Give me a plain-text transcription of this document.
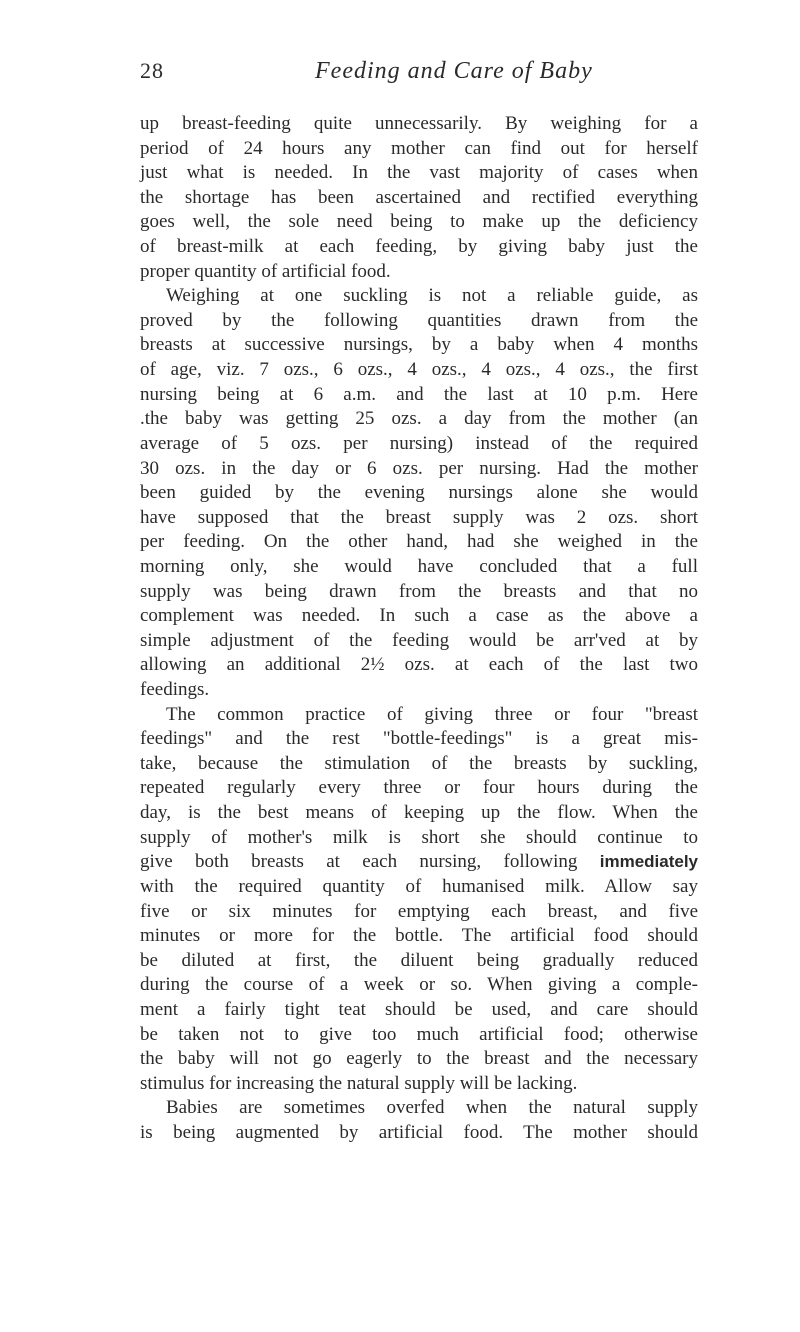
28	Feeding and Care of Baby
up breast-feeding quite unnecessarily. By weighing for a
period of 24 hours any mother can find out for herself
just what is needed. In the vast majority of cases when
the shortage has been ascertained and rectified everything
goes well, the sole need being to make up the deficiency
of breast-milk at each feeding, by giving baby just the
proper quantity of artificial food.
Weighing at one suckling is not a reliable guide, as
proved by the following quantities drawn from the
breasts at successive nursings, by a baby when 4 months
of age, viz. 7 ozs., 6 ozs., 4 ozs., 4 ozs., 4 ozs., the first
nursing being at 6 a.m. and the last at 10 p.m. Here
.the baby was getting 25 ozs. a day from the mother (an
average of 5 ozs. per nursing) instead of the required
30 ozs. in the day or 6 ozs. per nursing. Had the mother
been guided by the evening nursings alone she would
have supposed that the breast supply was 2 ozs. short
per feeding. On the other hand, had she weighed in the
morning only, she would have concluded that a full
supply was being drawn from the breasts and that no
complement was needed. In such a case as the above a
simple adjustment of the feeding would be arr'ved at by
allowing an additional 2½ ozs. at each of the last two
feedings.
The common practice of giving three or four "breast
feedings" and the rest "bottle-feedings" is a great mis-
take, because the stimulation of the breasts by suckling,
repeated regularly every three or four hours during the
day, is the best means of keeping up the flow. When the
supply of mother's milk is short she should continue to
give both breasts at each nursing, following immediately
with the required quantity of humanised milk. Allow say
five or six minutes for emptying each breast, and five
minutes or more for the bottle. The artificial food should
be diluted at first, the diluent being gradually reduced
during the course of a week or so. When giving a comple-
ment a fairly tight teat should be used, and care should
be taken not to give too much artificial food; otherwise
the baby will not go eagerly to the breast and the necessary
stimulus for increasing the natural supply will be lacking.
Babies are sometimes overfed when the natural supply
is being augmented by artificial food. The mother should
